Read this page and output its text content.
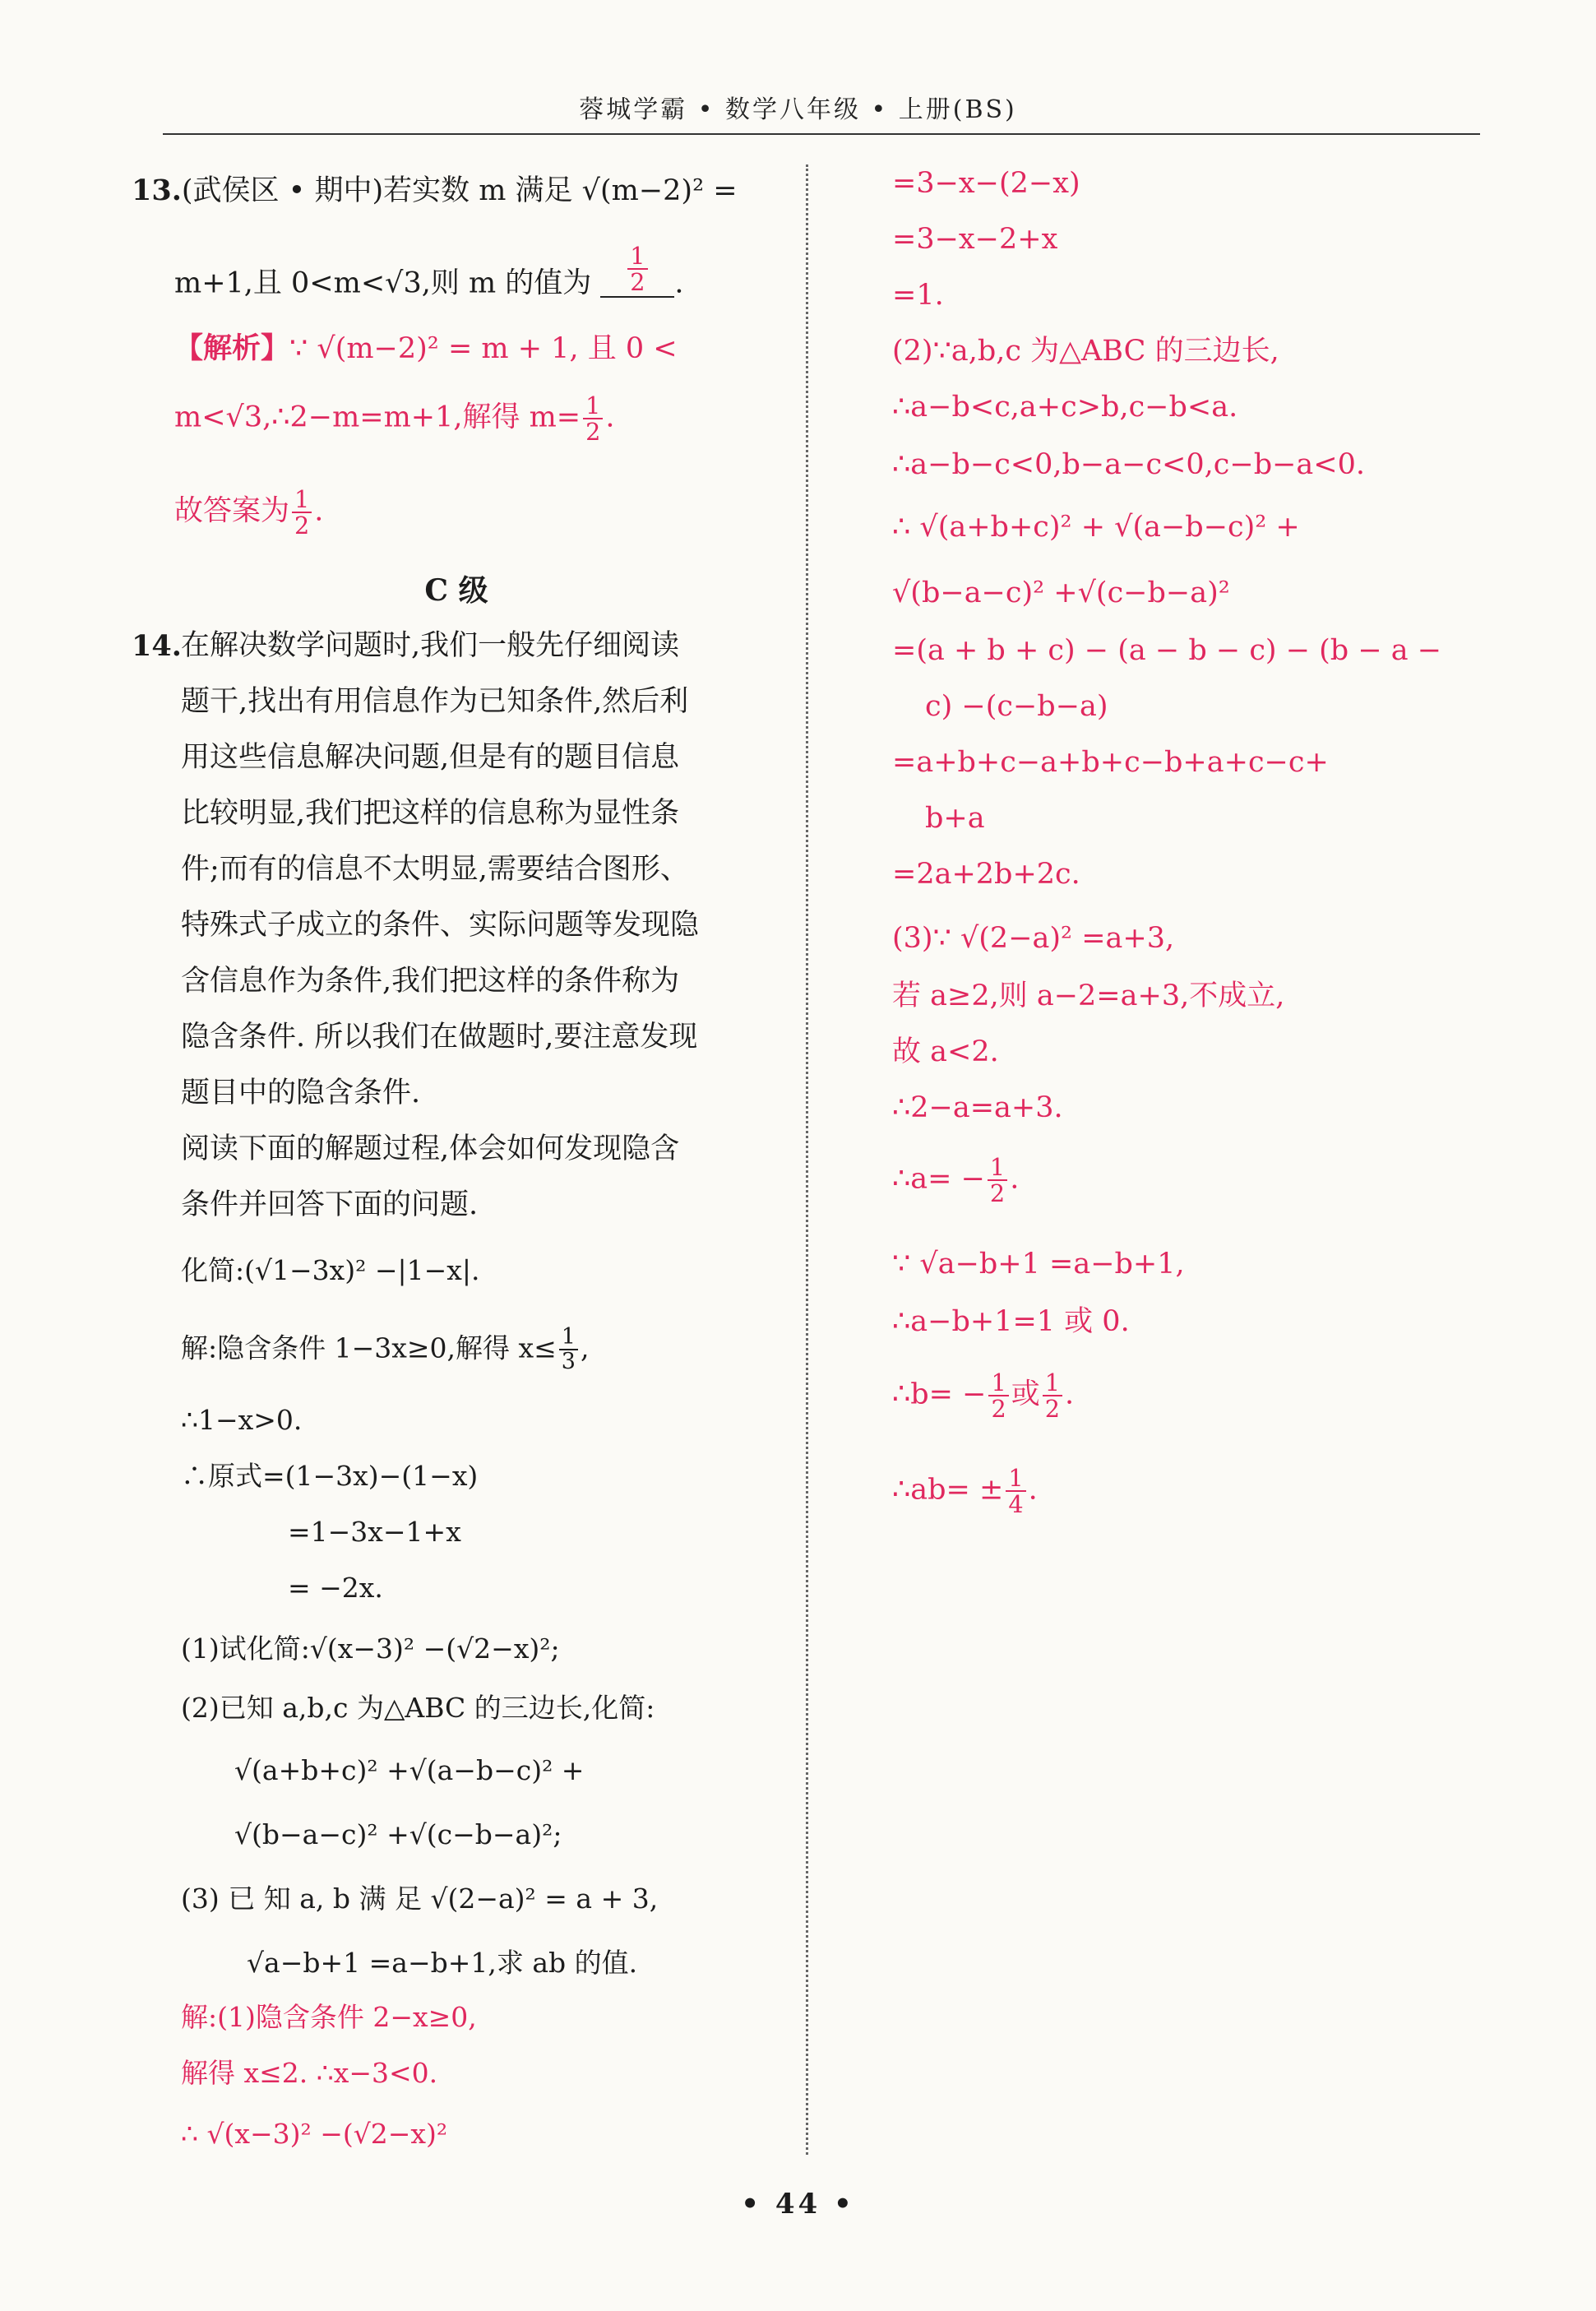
蓉城学霸 • 数学八年级 • 上册(BS)
13.(武侯区 • 期中)若实数 m 满足 √(m−2)² =
m+1,且 0<m<√3,则 m 的值为 $\frac{1}{2}$ .
【解析】∵ √(m−2)² = m + 1, 且 0 <
m<√3,∴2−m=m+1,解得 $m= \frac{1}{2}$ .
故答案为 $\frac{1}{2}$ .
C 级
14. 在解决数学问题时,我们一般先仔细阅读
题干,找出有用信息作为已知条件,然后利
用这些信息解决问题,但是有的题目信息
比较明显,我们把这样的信息称为显性条
件;而有的信息不太明显,需要结合图形、
特殊式子成立的条件、实际问题等发现隐
含信息作为条件,我们把这样的条件称为
隐含条件. 所以我们在做题时,要注意发现
题目中的隐含条件.
阅读下面的解题过程,体会如何发现隐含
条件并回答下面的问题.
化简:(√1−3x)² −|1−x|.
解:隐含条件 1−3x≥0,解得 $x\le \frac{1}{3}$ ,
∴1−x>0.
∴原式=(1−3x)−(1−x)
=1−3x−1+x
= −2x.
(1)试化简:√(x−3)² −(√2−x)²;
(2)已知 a,b,c 为△ABC 的三边长,化简:
√(a+b+c)² +√(a−b−c)² +
√(b−a−c)² +√(c−b−a)²;
(3) 已 知 a, b 满 足 √(2−a)² = a + 3,
√a−b+1 =a−b+1,求 ab 的值.
解:(1)隐含条件 2−x≥0,
解得 x≤2. ∴x−3<0.
∴ √(x−3)² −(√2−x)²
=3−x−(2−x)
=3−x−2+x
=1.
(2)∵a,b,c 为△ABC 的三边长,
∴a−b<c,a+c>b,c−b<a.
∴a−b−c<0,b−a−c<0,c−b−a<0.
∴ √(a+b+c)² + √(a−b−c)² +
√(b−a−c)² +√(c−b−a)²
=(a + b + c) − (a − b − c) − (b − a −
c) −(c−b−a)
=a+b+c−a+b+c−b+a+c−c+
b+a
=2a+2b+2c.
(3)∵ √(2−a)² =a+3,
若 a≥2,则 a−2=a+3,不成立,
故 a<2.
∴2−a=a+3.
∴a= − $\frac{1}{2}$ .
∵ √a−b+1 =a−b+1,
∴a−b+1=1 或 0.
∴b= − $\frac{1}{2}$ 或 $\frac{1}{2}$ .
∴ab= ± $\frac{1}{4}$ .
• 44 •
